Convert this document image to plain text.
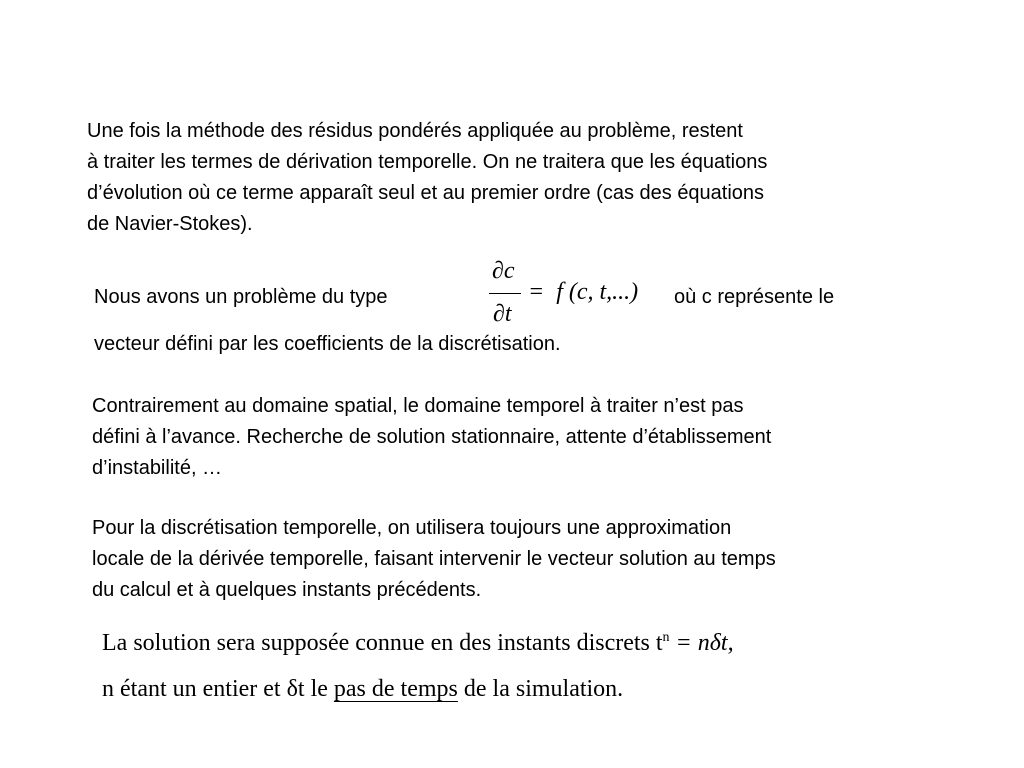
Une fois la méthode des résidus pondérés appliquée au problème, restent
à traiter les termes de dérivation temporelle. On ne traitera que les équations
d’évolution où ce terme apparaît seul et au premier ordre (cas des équations
de Navier-Stokes).
Nous avons un problème du type
∂c
∂t
=  f (c, t,...) où c représente le
vecteur défini par les coefficients de la discrétisation.
Contrairement au domaine spatial, le domaine temporel à traiter n’est pas
défini à l’avance. Recherche de solution stationnaire, attente d’établissement
d’instabilité, …
Pour la discrétisation temporelle, on utilisera toujours une approximation
locale de la dérivée temporelle, faisant intervenir le vecteur solution au temps
du calcul et à quelques instants précédents.
La solution sera supposée connue en des instants discrets $t^n = n\delta t$,
n étant un entier et δt le pas de temps de la simulation.
